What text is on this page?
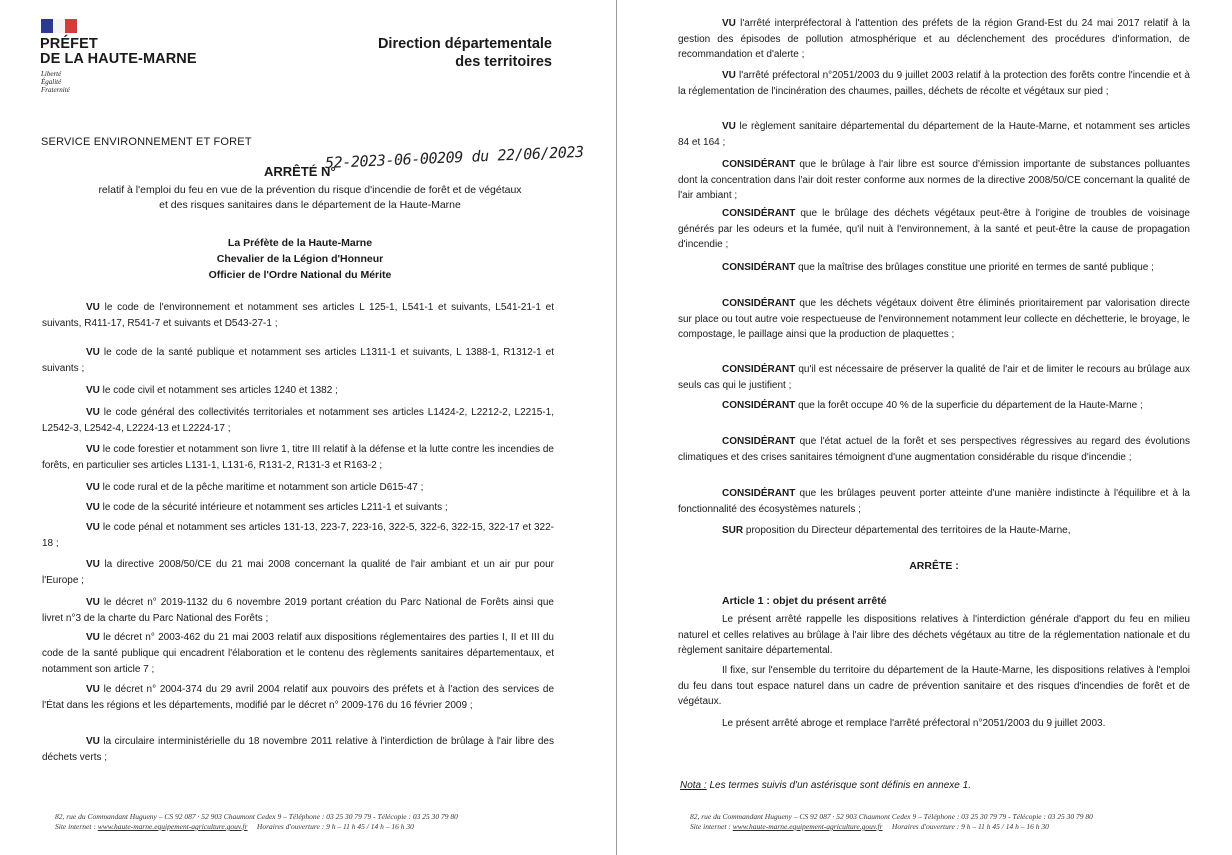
PRÉFET
DE LA HAUTE-MARNE
Liberté
Égalité
Fraternité
Direction départementale
des territoires
SERVICE ENVIRONNEMENT ET FORET
ARRÊTÉ N°
52-2023-06-00209 du 22/06/2023
relatif à l'emploi du feu en vue de la prévention du risque d'incendie de forêt et de végétaux
et des risques sanitaires dans le département de la Haute-Marne
La Préfète de la Haute-Marne
Chevalier de la Légion d'Honneur
Officier de l'Ordre National du Mérite

VU le code de l'environnement et notamment ses articles L 125-1, L541-1 et suivants, L541-21-1 et suivants, R411-17, R541-7 et suivants et D543-27-1 ;

VU le code de la santé publique et notamment ses articles L1311-1 et suivants, L 1388-1, R1312-1 et suivants ;

VU le code civil et notamment ses articles 1240 et 1382 ;

VU le code général des collectivités territoriales et notamment ses articles L1424-2, L2212-2, L2215-1, L2542-3, L2542-4, L2224-13 et L2224-17 ;

VU le code forestier et notamment son livre 1, titre III relatif à la défense et la lutte contre les incendies de forêts, en particulier ses articles L131-1, L131-6, R131-2, R131-3 et R163-2 ;

VU le code rural et de la pêche maritime et notamment son article D615-47 ;

VU le code de la sécurité intérieure et notamment ses articles L211-1 et suivants ;

VU le code pénal et notamment ses articles 131-13, 223-7, 223-16, 322-5, 322-6, 322-15, 322-17 et 322-18 ;

VU la directive 2008/50/CE du 21 mai 2008 concernant la qualité de l'air ambiant et un air pur pour l'Europe ;

VU le décret n° 2019-1132 du 6 novembre 2019 portant création du Parc National de Forêts ainsi que livret n°3 de la charte du Parc National des Forêts ;

VU le décret n° 2003-462 du 21 mai 2003 relatif aux dispositions réglementaires des parties I, II et III du code de la santé publique qui encadrent l'élaboration et le contenu des règlements sanitaires départementaux, et notamment son article 7 ;

VU le décret n° 2004-374 du 29 avril 2004 relatif aux pouvoirs des préfets et à l'action des services de l'État dans les régions et les départements, modifié par le décret n° 2009-176 du 16 février 2009 ;

VU la circulaire interministérielle du 18 novembre 2011 relative à l'interdiction de brûlage à l'air libre des déchets verts ;

82, rue du Commandant Hugueny – CS 92 087 · 52 903 Chaumont Cedex 9 – Téléphone : 03 25 30 79 79 - Télécopie : 03 25 30 79 80
Site internet : www.haute-marne.equipement-agriculture.gouv.fr Horaires d'ouverture : 9 h – 11 h 45 / 14 h – 16 h 30

VU l'arrêté interpréfectoral à l'attention des préfets de la région Grand-Est du 24 mai 2017 relatif à la gestion des épisodes de pollution atmosphérique et au déclenchement des procédures d'information, de recommandation et d'alerte ;

VU l'arrêté préfectoral n°2051/2003 du 9 juillet 2003 relatif à la protection des forêts contre l'incendie et à la réglementation de l'incinération des chaumes, pailles, déchets de récolte et végétaux sur pied ;

VU le règlement sanitaire départemental du département de la Haute-Marne, et notamment ses articles 84 et 164 ;

CONSIDÉRANT que le brûlage à l'air libre est source d'émission importante de substances polluantes dont la concentration dans l'air doit rester conforme aux normes de la directive 2008/50/CE concernant la qualité de l'air ambiant ;

CONSIDÉRANT que le brûlage des déchets végétaux peut-être à l'origine de troubles de voisinage générés par les odeurs et la fumée, qu'il nuit à l'environnement, à la santé et peut-être la cause de propagation d'incendie ;

CONSIDÉRANT que la maîtrise des brûlages constitue une priorité en termes de santé publique ;

CONSIDÉRANT que les déchets végétaux doivent être éliminés prioritairement par valorisation directe sur place ou tout autre voie respectueuse de l'environnement notamment leur collecte en déchetterie, le broyage, le compostage, le paillage ainsi que la production de plaquettes ;

CONSIDÉRANT qu'il est nécessaire de préserver la qualité de l'air et de limiter le recours au brûlage aux seuls cas qui le justifient ;

CONSIDÉRANT que la forêt occupe 40 % de la superficie du département de la Haute-Marne ;

CONSIDÉRANT que l'état actuel de la forêt et ses perspectives régressives au regard des évolutions climatiques et des crises sanitaires témoignent d'une augmentation considérable du risque d'incendie ;

CONSIDÉRANT que les brûlages peuvent porter atteinte d'une manière indistincte à l'équilibre et à la fonctionnalité des écosystèmes naturels ;

SUR proposition du Directeur départemental des territoires de la Haute-Marne,

ARRÊTE :
Article 1 : objet du présent arrêté

Le présent arrêté rappelle les dispositions relatives à l'interdiction générale d'apport du feu en milieu naturel et celles relatives au brûlage à l'air libre des déchets végétaux au titre de la réglementation nationale et du règlement sanitaire départemental.

Il fixe, sur l'ensemble du territoire du département de la Haute-Marne, les dispositions relatives à l'emploi du feu dans tout espace naturel dans un cadre de prévention sanitaire et des risques d'incendies de forêt et de végétaux.

Le présent arrêté abroge et remplace l'arrêté préfectoral n°2051/2003 du 9 juillet 2003.

Nota : Les termes suivis d'un astérisque sont définis en annexe 1.
82, rue du Commandant Hugueny – CS 92 087 · 52 903 Chaumont Cedex 9 – Téléphone : 03 25 30 79 79 - Télécopie : 03 25 30 79 80
Site internet : www.haute-marne.equipement-agriculture.gouv.fr Horaires d'ouverture : 9 h – 11 h 45 / 14 h – 16 h 30
